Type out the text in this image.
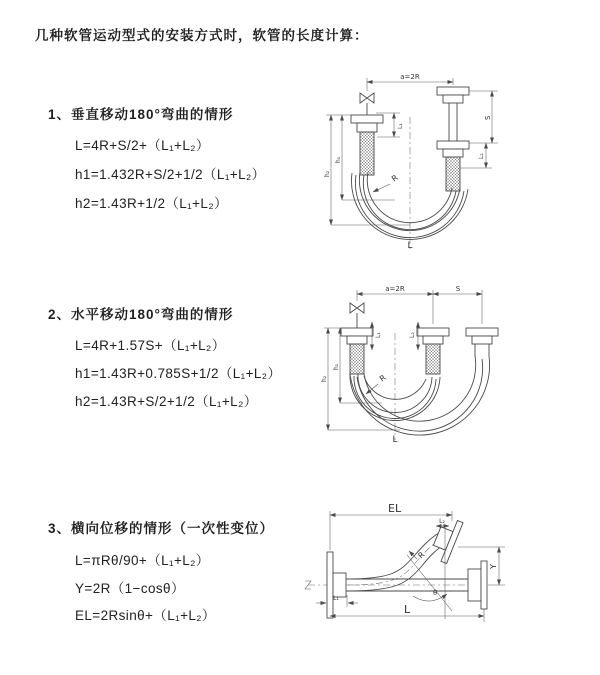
几种软管运动型式的安装方式时，软管的长度计算：
1、垂直移动180°弯曲的情形
L=4R+S/2+（L₁+L₂）
h1=1.432R+S/2+1/2（L₁+L₂）
h2=1.43R+1/2（L₁+L₂）
2、水平移动180°弯曲的情形
L=4R+1.57S+（L₁+L₂）
h1=1.43R+0.785S+1/2（L₁+L₂）
h2=1.43R+S/2+1/2（L₁+L₂）
3、横向位移的情形（一次性变位）
L=πRθ/90+（L₁+L₂）
Y=2R（1−cosθ）
EL=2Rsinθ+（L₁+L₂）
a=2R
S
L₂
L₁
h₁
h₂	R
L
a=2R	S
L₁	L₂
h₁
h₂	R
L
θ
R
EL
L₂
Y
L
L₁
